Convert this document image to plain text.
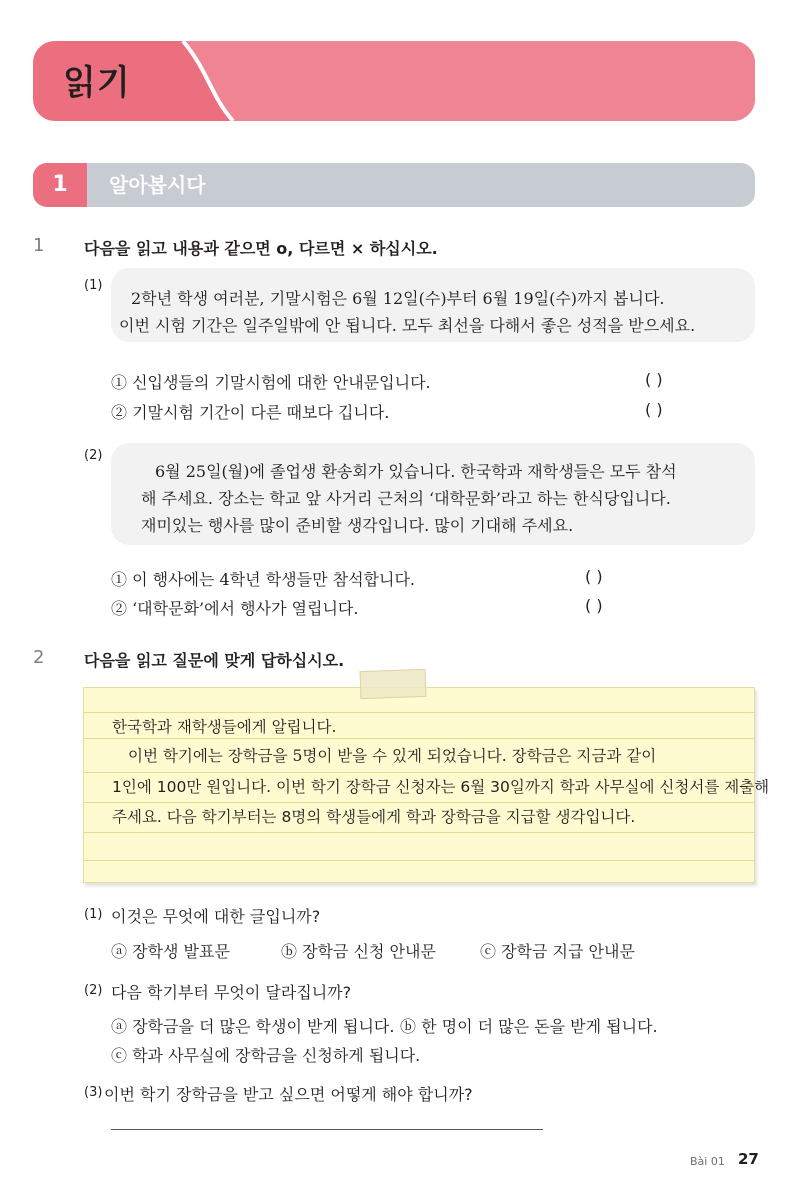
읽기
1	알아봅시다
1 다음을 읽고 내용과 같으면 o, 다르면 × 하십시오.
(1)
2학년 학생 여러분, 기말시험은 6월 12일(수)부터 6월 19일(수)까지 봅니다.
이번 시험 기간은 일주일밖에 안 됩니다. 모두 최선을 다해서 좋은 성적을 받으세요.
① 신입생들의 기말시험에 대한 안내문입니다.	( )
② 기말시험 기간이 다른 때보다 깁니다.	( )
(2)
6월 25일(월)에 졸업생 환송회가 있습니다. 한국학과 재학생들은 모두 참석
해 주세요. 장소는 학교 앞 사거리 근처의 ‘대학문화’라고 하는 한식당입니다.
재미있는 행사를 많이 준비할 생각입니다. 많이 기대해 주세요.
① 이 행사에는 4학년 학생들만 참석합니다.	( )
② ‘대학문화’에서 행사가 열립니다.	( )
2 다음을 읽고 질문에 맞게 답하십시오.
한국학과 재학생들에게 알립니다.
이번 학기에는 장학금을 5명이 받을 수 있게 되었습니다. 장학금은 지금과 같이
1인에 100만 원입니다. 이번 학기 장학금 신청자는 6월 30일까지 학과 사무실에 신청서를 제출해
주세요. 다음 학기부터는 8명의 학생들에게 학과 장학금을 지급할 생각입니다.
(1) 이것은 무엇에 대한 글입니까?
ⓐ 장학생 발표문	ⓑ 장학금 신청 안내문	ⓒ 장학금 지급 안내문
(2) 다음 학기부터 무엇이 달라집니까?
ⓐ 장학금을 더 많은 학생이 받게 됩니다. ⓑ 한 명이 더 많은 돈을 받게 됩니다.
ⓒ 학과 사무실에 장학금을 신청하게 됩니다.
(3) 이번 학기 장학금을 받고 싶으면 어떻게 해야 합니까?
Bài 01 27
